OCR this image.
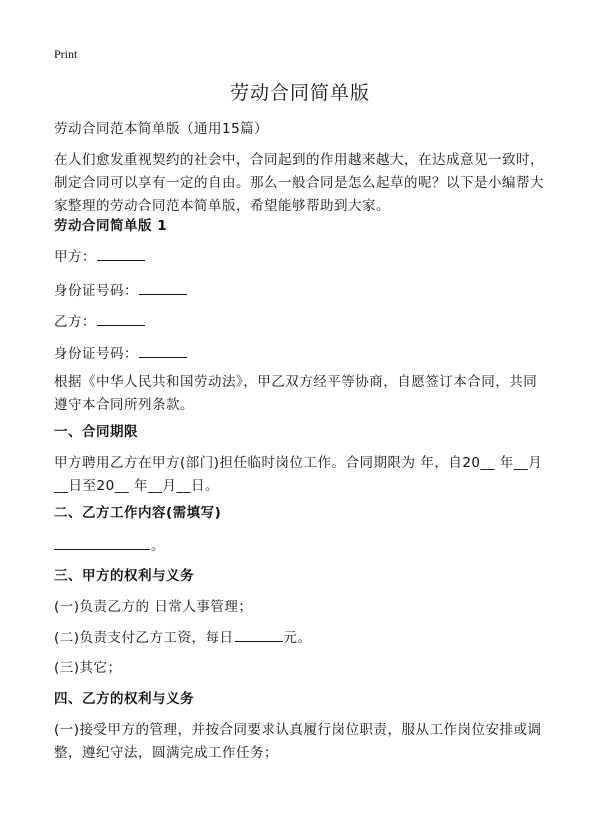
Print
劳动合同简单版

劳动合同范本简单版（通用15篇）

在人们愈发重视契约的社会中，合同起到的作用越来越大，在达成意见一致时，制定合同可以享有一定的自由。那么一般合同是怎么起草的呢？以下是小编帮大家整理的劳动合同范本简单版，希望能够帮助到大家。

劳动合同简单版 1

甲方：

身份证号码：

乙方：

身份证号码：

根据《中华人民共和国劳动法》，甲乙双方经平等协商，自愿签订本合同，共同遵守本合同所列条款。

一、合同期限

甲方聘用乙方在甲方(部门)担任临时岗位工作。合同期限为 年，自20__ 年__月__日至20__ 年__月__日。

二、乙方工作内容(需填写)

。

三、甲方的权利与义务

(一)负责乙方的 日常人事管理；

(二)负责支付乙方工资，每日	元。

(三)其它；

四、乙方的权利与义务

(一)接受甲方的管理，并按合同要求认真履行岗位职责，服从工作岗位安排或调整，遵纪守法，圆满完成工作任务；
